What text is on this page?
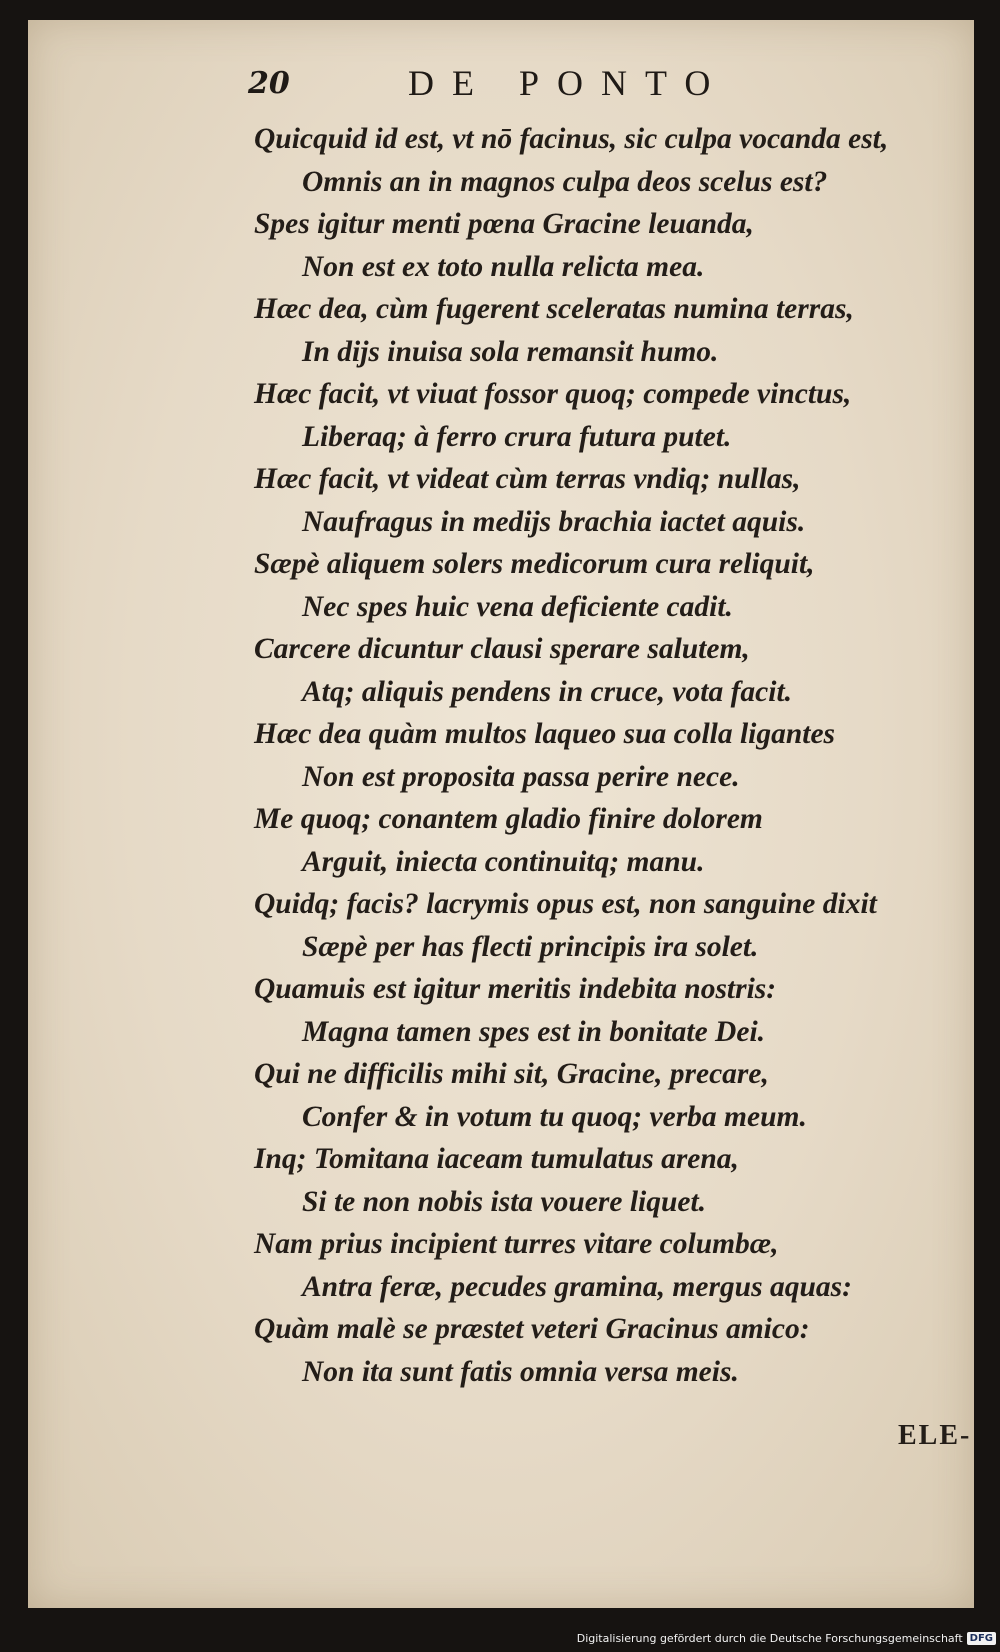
20	DE PONTO
Quicquid id est, vt nō facinus, sic culpa vocanda est,
Omnis an in magnos culpa deos scelus est?
Spes igitur menti pœna Gracine leuanda,
Non est ex toto nulla relicta mea.
Hæc dea, cùm fugerent sceleratas numina terras,
In dijs inuisa sola remansit humo.
Hæc facit, vt viuat fossor quoq; compede vinctus,
Liberaq; à ferro crura futura putet.
Hæc facit, vt videat cùm terras vndiq; nullas,
Naufragus in medijs brachia iactet aquis.
Sæpè aliquem solers medicorum cura reliquit,
Nec spes huic vena deficiente cadit.
Carcere dicuntur clausi sperare salutem,
Atq; aliquis pendens in cruce, vota facit.
Hæc dea quàm multos laqueo sua colla ligantes
Non est proposita passa perire nece.
Me quoq; conantem gladio finire dolorem
Arguit, iniecta continuitq; manu.
Quidq; facis? lacrymis opus est, non sanguine dixit
Sæpè per has flecti principis ira solet.
Quamuis est igitur meritis indebita nostris:
Magna tamen spes est in bonitate Dei.
Qui ne difficilis mihi sit, Gracine, precare,
Confer & in votum tu quoq; verba meum.
Inq; Tomitana iaceam tumulatus arena,
Si te non nobis ista vouere liquet.
Nam prius incipient turres vitare columbæ,
Antra feræ, pecudes gramina, mergus aquas:
Quàm malè se præstet veteri Gracinus amico:
Non ita sunt fatis omnia versa meis.
ELE-
Digitalisierung gefördert durch die Deutsche Forschungsgemeinschaft DFG
